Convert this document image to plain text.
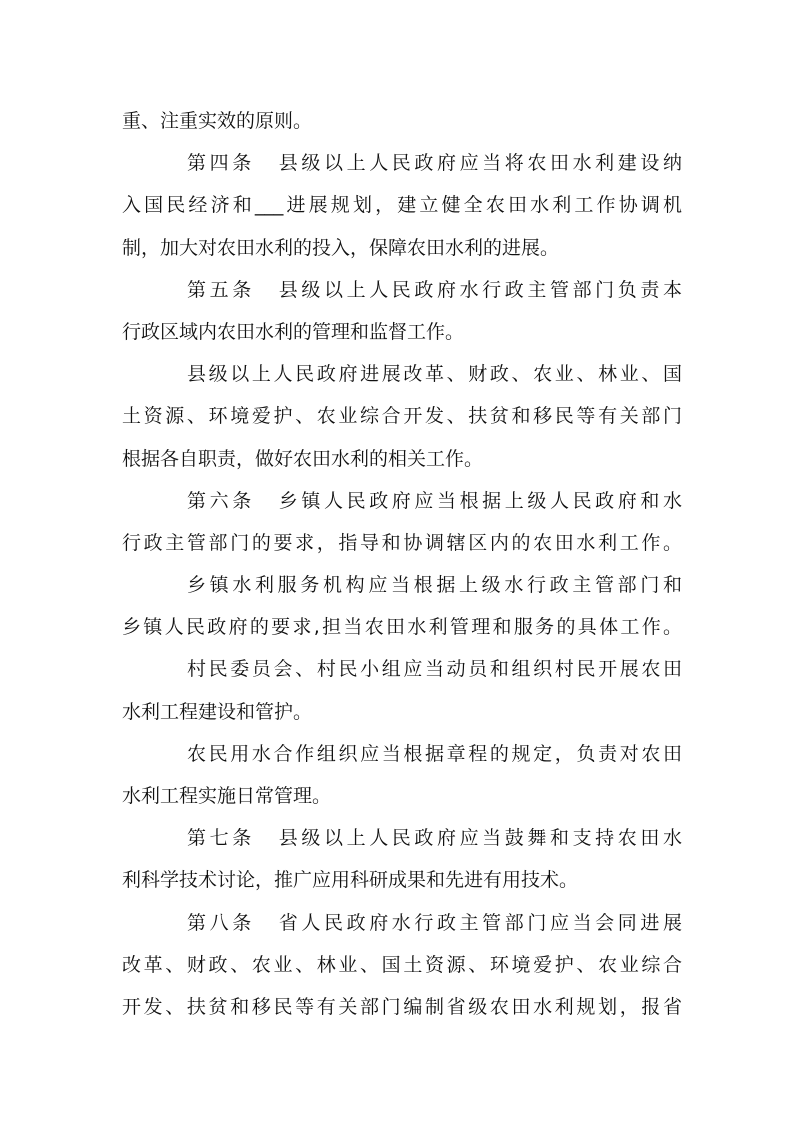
重、注重实效的原则。
第四条 县级以上人民政府应当将农田水利建设纳
入国民经济和___进展规划，建立健全农田水利工作协调机
制，加大对农田水利的投入，保障农田水利的进展。
第五条 县级以上人民政府水行政主管部门负责本
行政区域内农田水利的管理和监督工作。
县级以上人民政府进展改革、财政、农业、林业、国
土资源、环境爱护、农业综合开发、扶贫和移民等有关部门
根据各自职责，做好农田水利的相关工作。
第六条 乡镇人民政府应当根据上级人民政府和水
行政主管部门的要求，指导和协调辖区内的农田水利工作。
乡镇水利服务机构应当根据上级水行政主管部门和
乡镇人民政府的要求,担当农田水利管理和服务的具体工作。
村民委员会、村民小组应当动员和组织村民开展农田
水利工程建设和管护。
农民用水合作组织应当根据章程的规定，负责对农田
水利工程实施日常管理。
第七条 县级以上人民政府应当鼓舞和支持农田水
利科学技术讨论，推广应用科研成果和先进有用技术。
第八条 省人民政府水行政主管部门应当会同进展
改革、财政、农业、林业、国土资源、环境爱护、农业综合
开发、扶贫和移民等有关部门编制省级农田水利规划，报省
